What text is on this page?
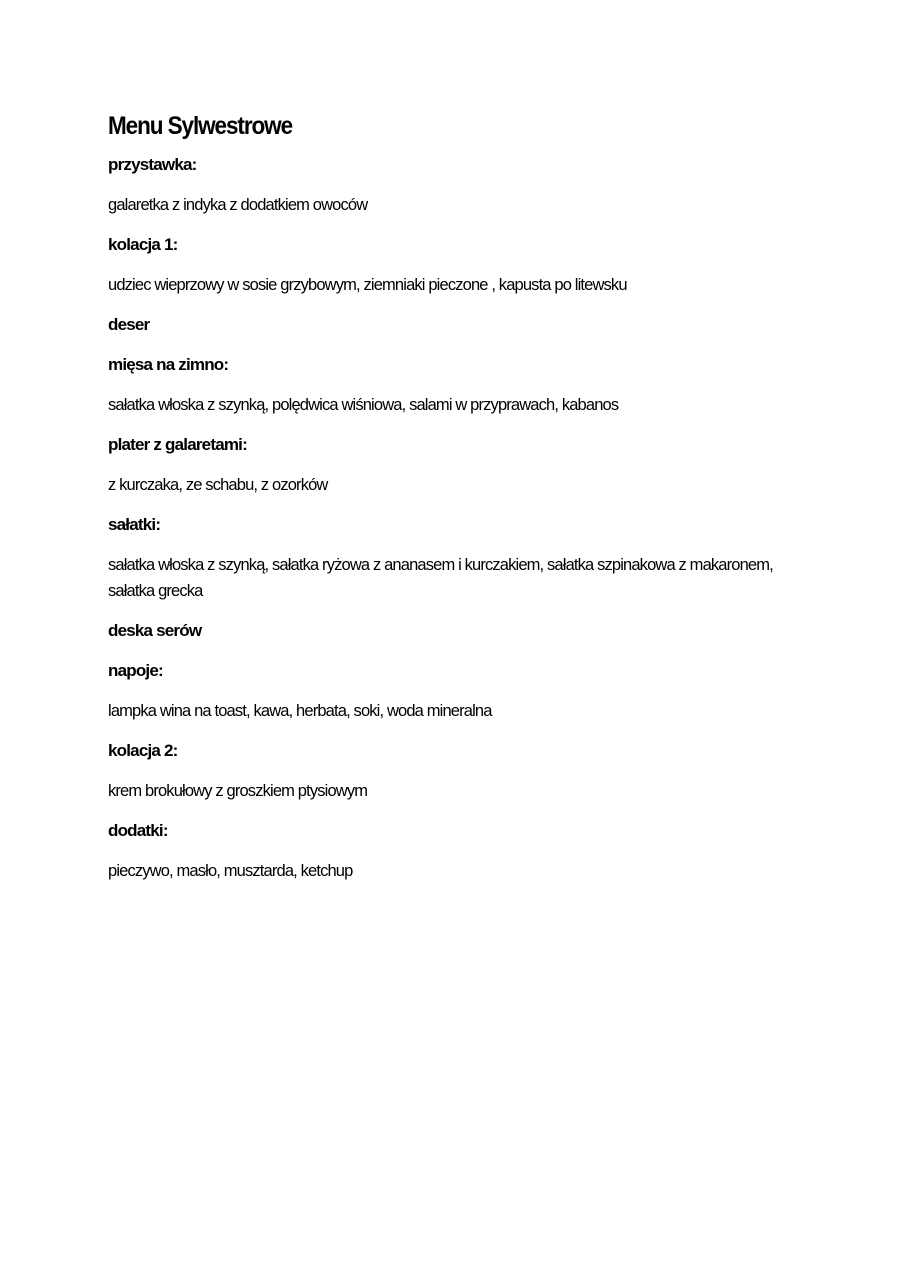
Menu Sylwestrowe
przystawka:
galaretka z indyka z dodatkiem owoców
kolacja 1:
udziec wieprzowy w sosie grzybowym, ziemniaki pieczone , kapusta po litewsku
deser
mięsa na zimno:
sałatka włoska z szynką, polędwica wiśniowa, salami w przyprawach, kabanos
plater z galaretami:
z kurczaka, ze schabu, z ozorków
sałatki:
sałatka włoska z szynką, sałatka ryżowa z ananasem i kurczakiem, sałatka szpinakowa z makaronem, sałatka grecka
deska serów
napoje:
lampka wina na toast, kawa, herbata, soki, woda mineralna
kolacja 2:
krem brokułowy z groszkiem ptysiowym
dodatki:
pieczywo, masło, musztarda, ketchup
